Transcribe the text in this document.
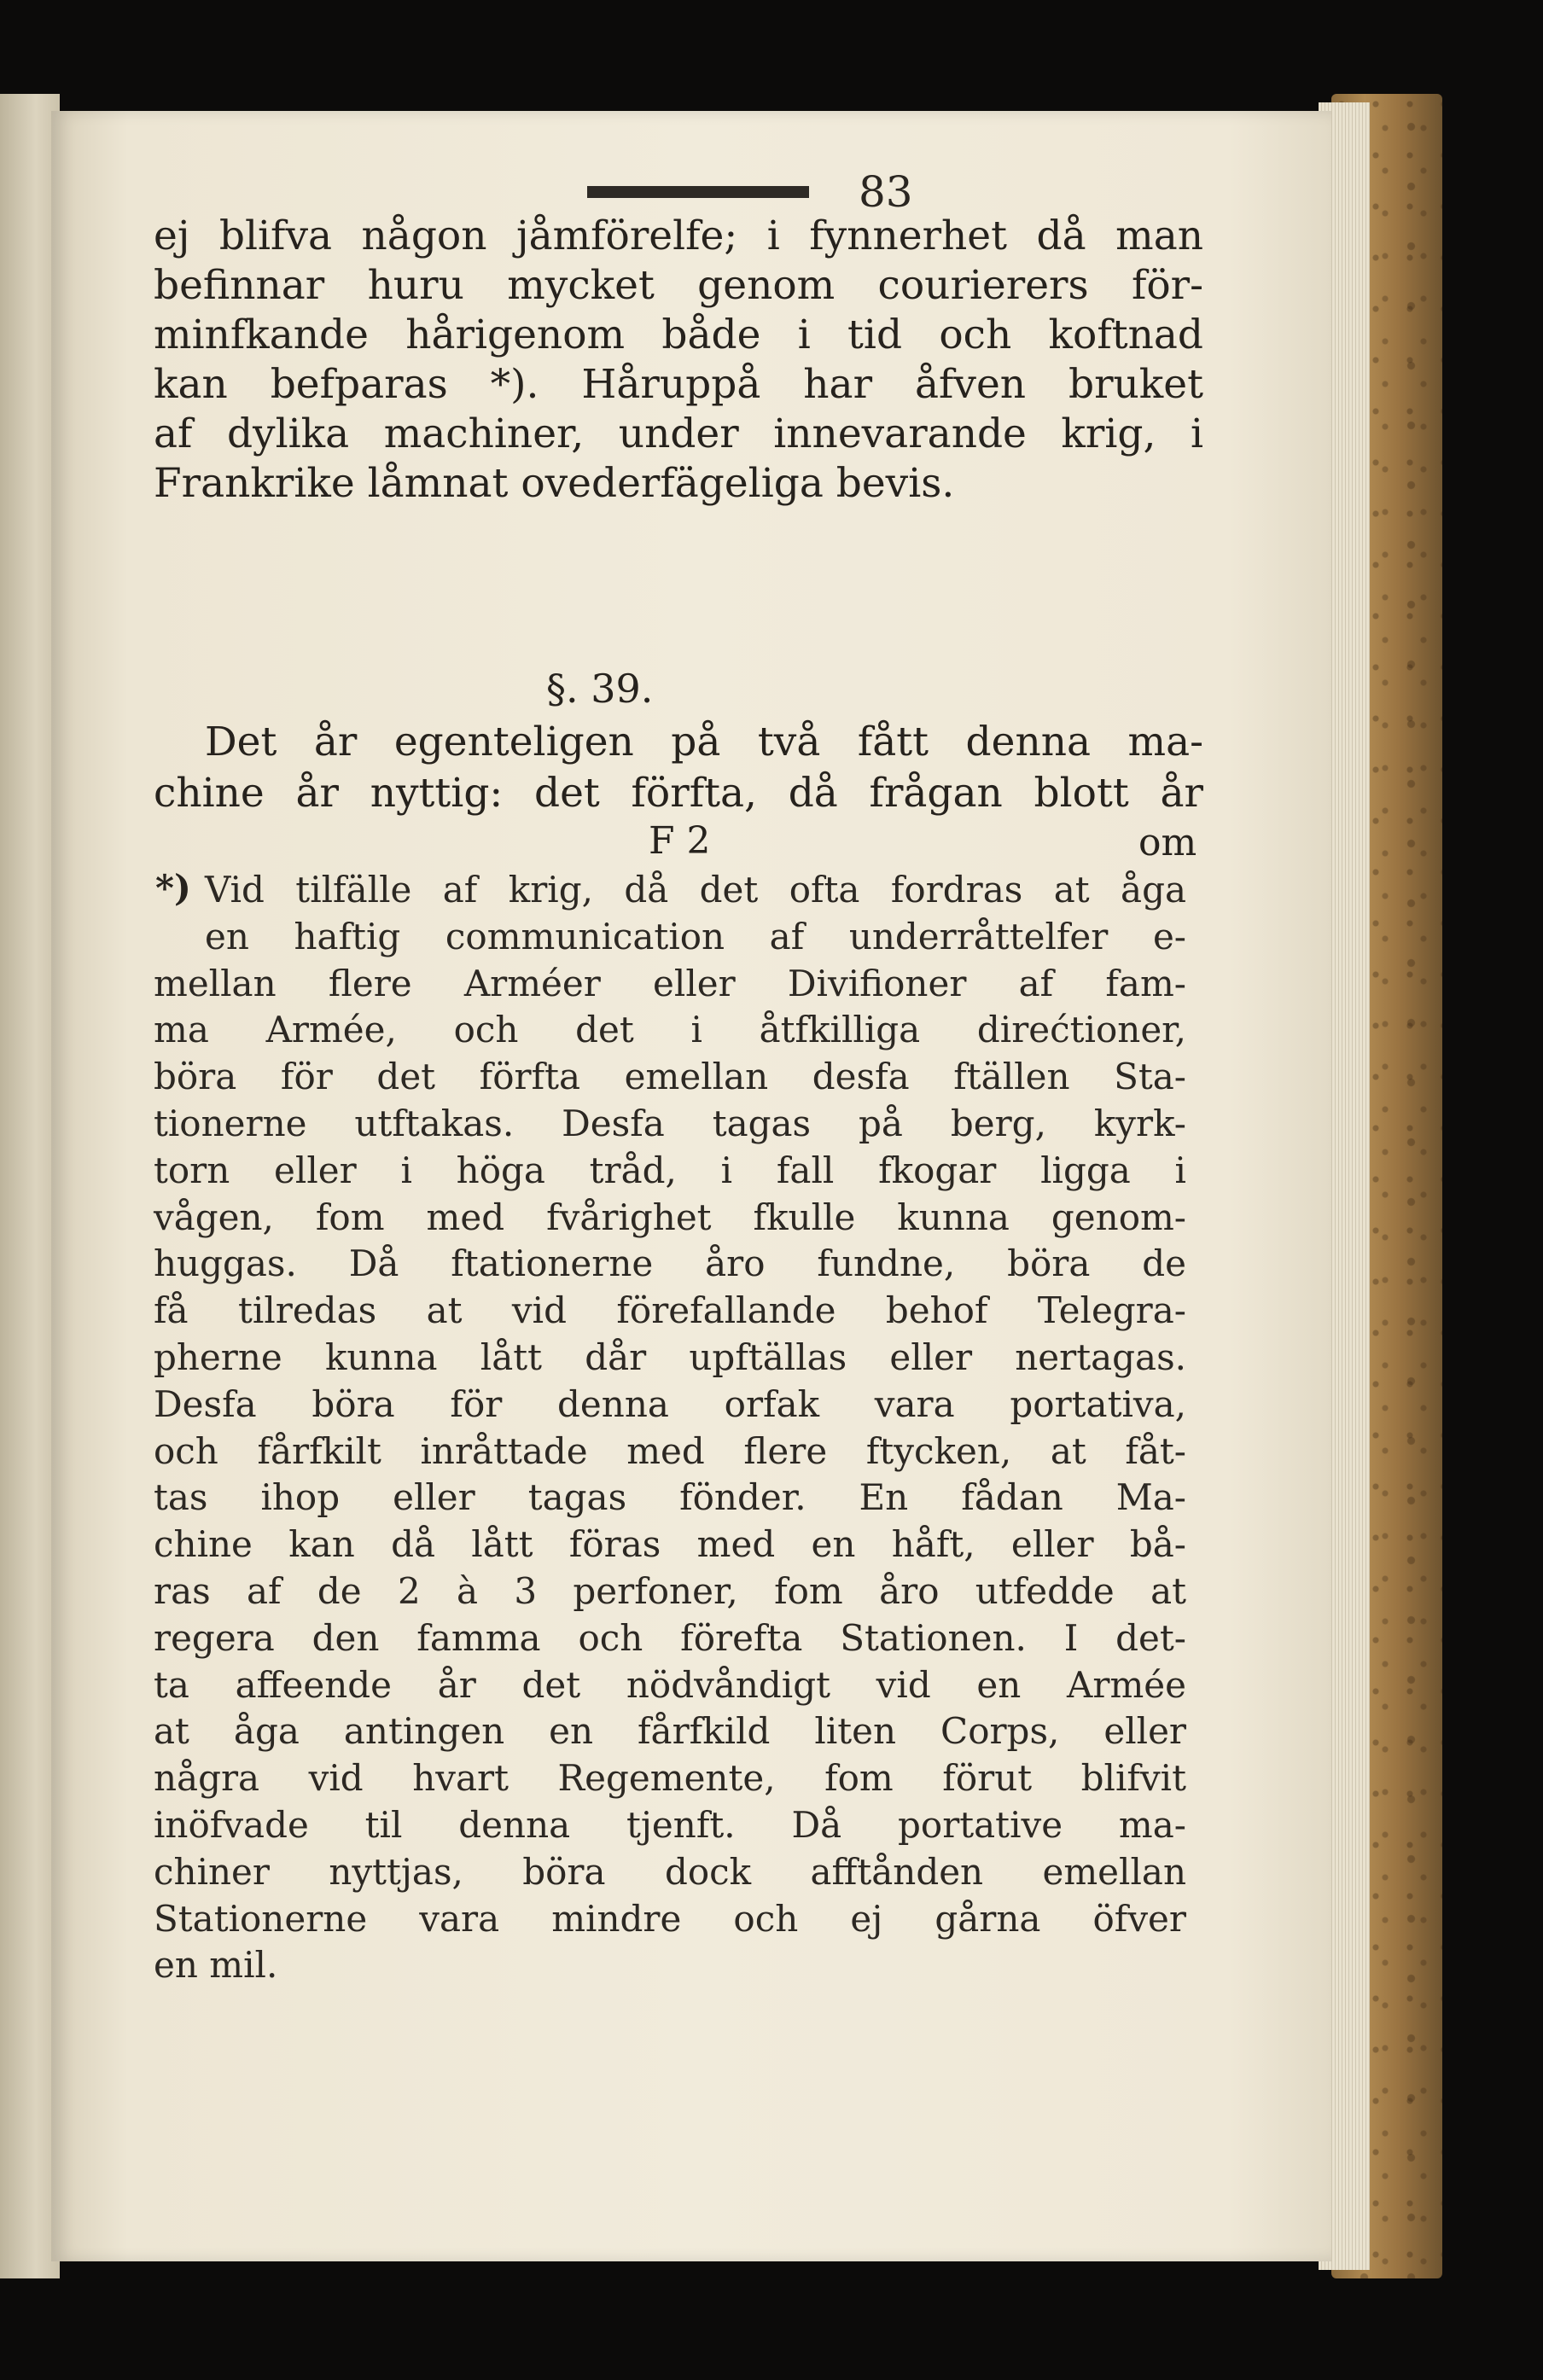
83

ej blifva någon jåmförelfe; i fynnerhet då man
befinnar huru mycket genom courierers för-
minfkande hårigenom både i tid och koftnad
kan befparas *). Håruppå har åfven bruket
af dylika machiner, under innevarande krig, i
Frankrike låmnat ovederfägeliga bevis.

§. 39.

Det år egenteligen på två fått denna ma-
chine år nyttig: det förfta, då frågan blott år

F 2	om

*) Vid tilfälle af krig, då det ofta fordras at åga
en haftig communication af underråttelfer e-
mellan flere Arméer eller Divifioner af fam-
ma Armée, och det i åtfkilliga direćtioner,
böra för det förfta emellan desfa ftällen Sta-
tionerne utftakas. Desfa tagas på berg, kyrk-
torn eller i höga tråd, i fall fkogar ligga i
vågen, fom med fvårighet fkulle kunna genom-
huggas. Då ftationerne åro fundne, böra de
få tilredas at vid förefallande behof Telegra-
pherne kunna lått dår upftällas eller nertagas.
Desfa böra för denna orfak vara portativa,
och fårfkilt inråttade med flere ftycken, at fåt-
tas ihop eller tagas fönder. En fådan Ma-
chine kan då lått föras med en håft, eller bå-
ras af de 2 à 3 perfoner, fom åro utfedde at
regera den famma och förefta Stationen. I det-
ta affeende år det nödvåndigt vid en Armée
at åga antingen en fårfkild liten Corps, eller
några vid hvart Regemente, fom förut blifvit
inöfvade til denna tjenft. Då portative ma-
chiner nyttjas, böra dock afftånden emellan
Stationerne vara mindre och ej gårna öfver
en mil.
